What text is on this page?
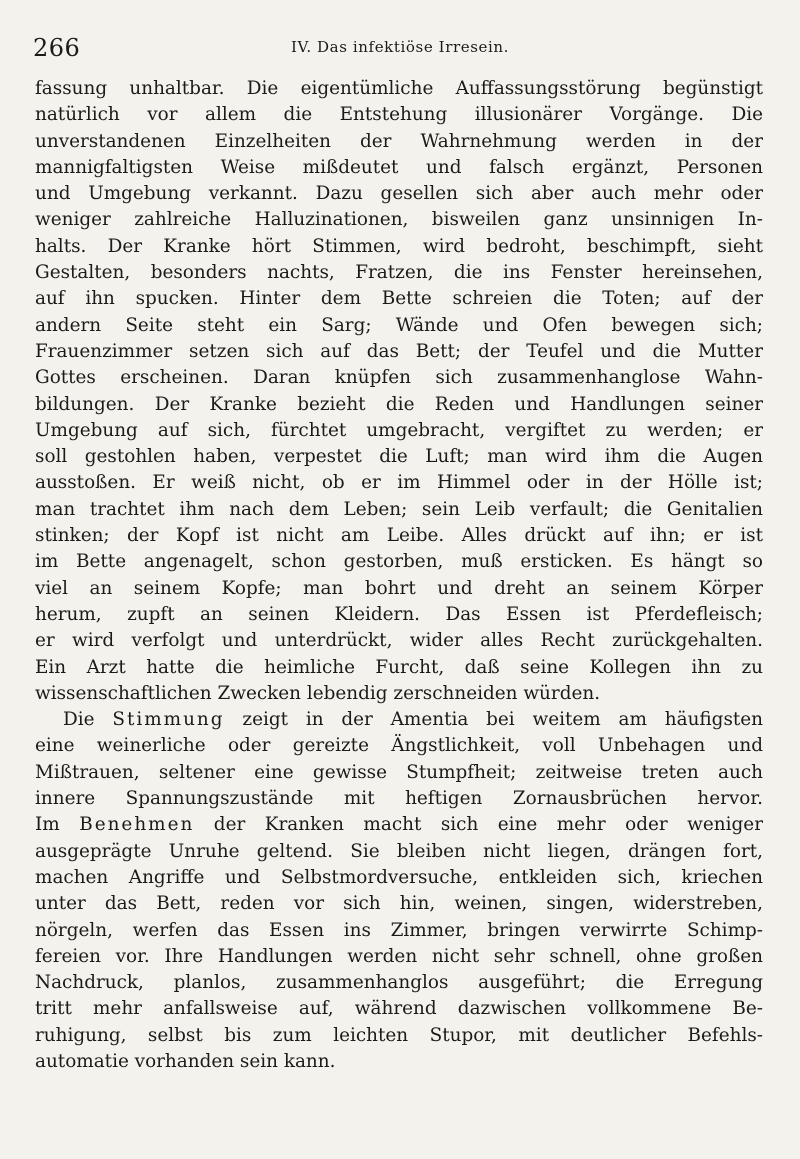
266	IV. Das infektiöse Irresein.
fassung unhaltbar. Die eigentümliche Auffassungsstörung begünstigt
natürlich vor allem die Entstehung illusionärer Vorgänge. Die
unverstandenen Einzelheiten der Wahrnehmung werden in der
mannigfaltigsten Weise mißdeutet und falsch ergänzt, Personen
und Umgebung verkannt. Dazu gesellen sich aber auch mehr oder
weniger zahlreiche Halluzinationen, bisweilen ganz unsinnigen In-
halts. Der Kranke hört Stimmen, wird bedroht, beschimpft, sieht
Gestalten, besonders nachts, Fratzen, die ins Fenster hereinsehen,
auf ihn spucken. Hinter dem Bette schreien die Toten; auf der
andern Seite steht ein Sarg; Wände und Ofen bewegen sich;
Frauenzimmer setzen sich auf das Bett; der Teufel und die Mutter
Gottes erscheinen. Daran knüpfen sich zusammenhanglose Wahn-
bildungen. Der Kranke bezieht die Reden und Handlungen seiner
Umgebung auf sich, fürchtet umgebracht, vergiftet zu werden; er
soll gestohlen haben, verpestet die Luft; man wird ihm die Augen
ausstoßen. Er weiß nicht, ob er im Himmel oder in der Hölle ist;
man trachtet ihm nach dem Leben; sein Leib verfault; die Genitalien
stinken; der Kopf ist nicht am Leibe. Alles drückt auf ihn; er ist
im Bette angenagelt, schon gestorben, muß ersticken. Es hängt so
viel an seinem Kopfe; man bohrt und dreht an seinem Körper
herum, zupft an seinen Kleidern. Das Essen ist Pferdefleisch;
er wird verfolgt und unterdrückt, wider alles Recht zurückgehalten.
Ein Arzt hatte die heimliche Furcht, daß seine Kollegen ihn zu
wissenschaftlichen Zwecken lebendig zerschneiden würden.
Die Stimmung zeigt in der Amentia bei weitem am häufigsten
eine weinerliche oder gereizte Ängstlichkeit, voll Unbehagen und
Mißtrauen, seltener eine gewisse Stumpfheit; zeitweise treten auch
innere Spannungszustände mit heftigen Zornausbrüchen hervor.
Im Benehmen der Kranken macht sich eine mehr oder weniger
ausgeprägte Unruhe geltend. Sie bleiben nicht liegen, drängen fort,
machen Angriffe und Selbstmordversuche, entkleiden sich, kriechen
unter das Bett, reden vor sich hin, weinen, singen, widerstreben,
nörgeln, werfen das Essen ins Zimmer, bringen verwirrte Schimp-
fereien vor. Ihre Handlungen werden nicht sehr schnell, ohne großen
Nachdruck, planlos, zusammenhanglos ausgeführt; die Erregung
tritt mehr anfallsweise auf, während dazwischen vollkommene Be-
ruhigung, selbst bis zum leichten Stupor, mit deutlicher Befehls-
automatie vorhanden sein kann.
